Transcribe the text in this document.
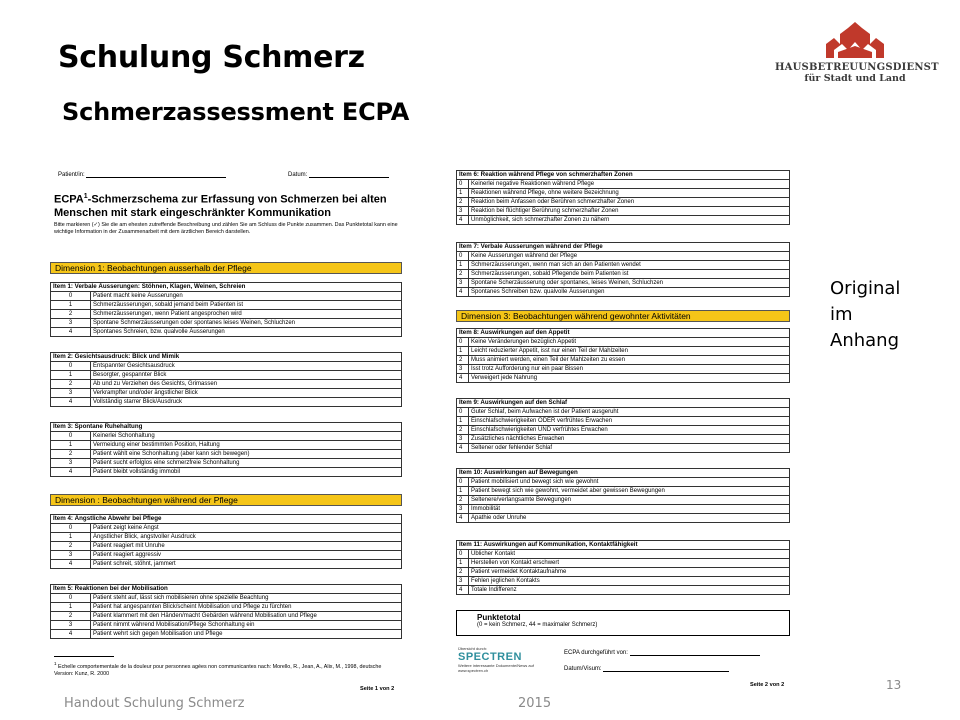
Schulung Schmerz
Schmerzassessment ECPA
HAUSBETREUUNGSDIENST
für Stadt und Land
Original
im
Anhang
Patient/in:	Datum:
ECPA$^1$-Schmerzschema zur Erfassung von Schmerzen bei alten Menschen mit stark eingeschränkter Kommunikation
Bitte markieren (✓) Sie die am ehesten zutreffende Beschreibung und zählen Sie am Schluss die Punkte zusammen. Das Punktetotal kann eine wichtige Information in der Zusammenarbeit mit dem ärztlichen Bereich darstellen.
Dimension 1: Beobachtungen ausserhalb der Pflege
Item 1: Verbale Äusserungen: Stöhnen, Klagen, Weinen, Schreien	
0	Patient macht keine Äusserungen
1	Schmerzäusserungen, sobald jemand beim Patienten ist
2	Schmerzäusserungen, wenn Patient angesprochen wird
3	Spontane Schmerzäusserungen oder spontanes leises Weinen, Schluchzen
4	Spontanes Schreien, bzw. qualvolle Äusserungen
Item 2: Gesichtsausdruck: Blick und Mimik	
0	Entspannter Gesichtsausdruck
1	Besorgter, gespannter Blick
2	Ab und zu Verziehen des Gesichts, Grimassen
3	Verkrampfter und/oder ängstlicher Blick
4	Vollständig starrer Blick/Ausdruck
Item 3: Spontane Ruhehaltung	
0	Keinerlei Schonhaltung
1	Vermeidung einer bestimmten Position, Haltung
2	Patient wählt eine Schonhaltung (aber kann sich bewegen)
3	Patient sucht erfolglos eine schmerzfreie Schonhaltung
4	Patient bleibt vollständig immobil
Dimension : Beobachtungen während der Pflege
Item 4: Ängstliche Abwehr bei Pflege	
0	Patient zeigt keine Angst
1	Ängstlicher Blick, angstvoller Ausdruck
2	Patient reagiert mit Unruhe
3	Patient reagiert aggressiv
4	Patient schreit, stöhnt, jammert
Item 5: Reaktionen bei der Mobilisation	
0	Patient steht auf, lässt sich mobilisieren ohne spezielle Beachtung
1	Patient hat angespannten Blick/scheint Mobilisation und Pflege zu fürchten
2	Patient klammert mit den Händen/macht Gebärden während Mobilisation und Pflege
3	Patient nimmt während Mobilisation/Pflege Schonhaltung ein
4	Patient wehrt sich gegen Mobilisation und Pflege
$^1$ Echelle comportementale de la douleur pour personnes agées non communicantes nach: Morello, R., Jean, A., Alix, M., 1998, deutsche Version: Kunz, R. 2000
Seite 1 von 2
Item 6: Reaktion während Pflege von schmerzhaften Zonen	
0	Keinerlei negative Reaktionen während Pflege
1	Reaktionen während Pflege, ohne weitere Bezeichnung
2	Reaktion beim Anfassen oder Berühren schmerzhafter Zonen
3	Reaktion bei flüchtiger Berührung schmerzhafter Zonen
4	Unmöglichkeit, sich schmerzhafter Zonen zu nähern
Item 7: Verbale Äusserungen während der Pflege	
0	Keine Äusserungen während der Pflege
1	Schmerzäusserungen, wenn man sich an den Patienten wendet
2	Schmerzäusserungen, sobald Pflegende beim Patienten ist
3	Spontane Scherzäusserung oder spontanes, leises Weinen, Schluchzen
4	Spontanes Schreiben bzw. qualvolle Äusserungen
Dimension 3: Beobachtungen während gewohnter Aktivitäten
Item 8: Auswirkungen auf den Appetit	
0	Keine Veränderungen bezüglich Appetit
1	Leicht reduzierter Appetit, isst nur einen Teil der Mahlzeiten
2	Muss animiert werden, einen Teil der Mahlzeiten zu essen
3	Isst trotz Aufforderung nur ein paar Bissen
4	Verweigert jede Nahrung
Item 9: Auswirkungen auf den Schlaf	
0	Guter Schlaf, beim Aufwachen ist der Patient ausgeruht
1	Einschlafschwierigkeiten ODER verfrühtes Erwachen
2	Einschlafschwierigkeiten UND verfrühtes Erwachen
3	Zusätzliches nächtliches Erwachen
4	Seltener oder fehlender Schlaf
Item 10: Auswirkungen auf Bewegungen	
0	Patient mobilisiert und bewegt sich wie gewohnt
1	Patient bewegt sich wie gewohnt, vermeidet aber gewissen Bewegungen
2	Seltenere/verlangsamte Bewegungen
3	Immobilität
4	Apathie oder Unruhe
Item 11: Auswirkungen auf Kommunikation, Kontaktfähigkeit	
0	Üblicher Kontakt
1	Herstellen von Kontakt erschwert
2	Patient vermeidet Kontaktaufnahme
3	Fehlen jeglichen Kontakts
4	Totale Indifferenz
Punktetotal
(0 = kein Schmerz, 44 = maximaler Schmerz)
Übersicht durch:
SPECTREN
Weitere interessante Dokumente/News auf www.spectren.ch
ECPA durchgeführt von:
Datum/Visum:
Seite 2 von 2
Handout Schulung Schmerz	2015
13
